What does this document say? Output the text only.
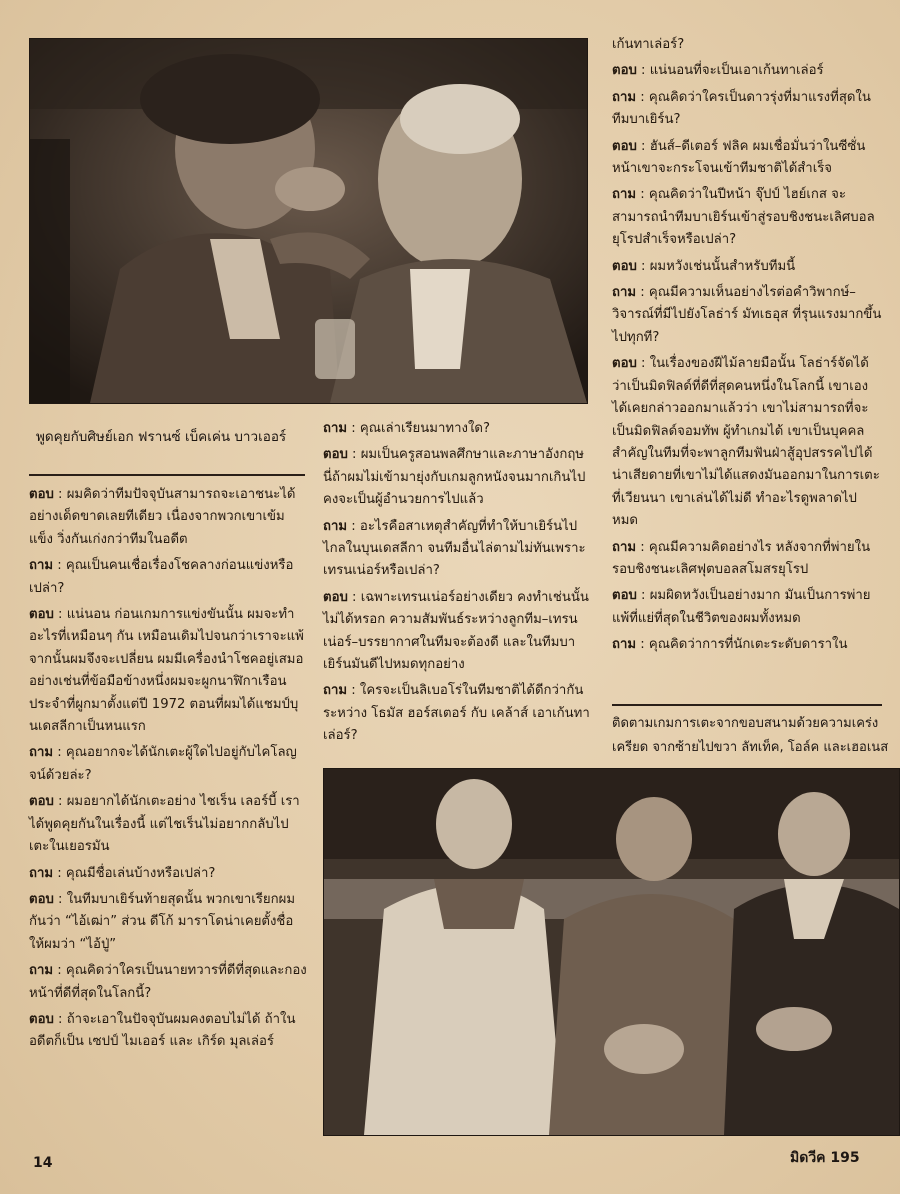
พูดคุยกับศิษย์เอก ฟรานซ์ เบ็คเค่น บาวเออร์

ตอบ : ผมคิดว่าทีมปัจจุบันสามารถจะเอาชนะได้อย่างเด็ดขาดเลยทีเดียว เนื่องจากพวกเขาเข้มแข็ง วิ่งกันเก่งกว่าทีมในอดีต

ถาม : คุณเป็นคนเชื่อเรื่องโชคลางก่อนแข่งหรือเปล่า?

ตอบ : แน่นอน ก่อนเกมการแข่งขันนั้น ผมจะทำอะไรที่เหมือนๆ กัน เหมือนเดิมไปจนกว่าเราจะแพ้ จากนั้นผมจึงจะเปลี่ยน ผมมีเครื่องนำโชคอยู่เสมอ อย่างเช่นที่ข้อมือข้างหนึ่งผมจะผูกนาฬิกาเรือนประจำที่ผูกมาตั้งแต่ปี 1972 ตอนที่ผมได้แชมป์บุนเดสลีกาเป็นหนแรก

ถาม : คุณอยากจะได้นักเตะผู้ใดไปอยู่กับไคโลญจน์ด้วยล่ะ?

ตอบ : ผมอยากได้นักเตะอย่าง ไชเร็น เลอร์บี้ เราได้พูดคุยกันในเรื่องนี้ แต่ไชเร็นไม่อยากกลับไปเตะในเยอรมัน

ถาม : คุณมีชื่อเล่นบ้างหรือเปล่า?

ตอบ : ในทีมบาเยิร์นท้ายสุดนั้น พวกเขาเรียกผมกันว่า “ไอ้เฒ่า” ส่วน ดีโก้ มาราโดน่าเคยตั้งชื่อให้ผมว่า “ไอ้ปู่”

ถาม : คุณคิดว่าใครเป็นนายทวารที่ดีที่สุดและกองหน้าที่ดีที่สุดในโลกนี้?

ตอบ : ถ้าจะเอาในปัจจุบันผมคงตอบไม่ได้ ถ้าในอดีตก็เป็น เซปป์ ไมเออร์ และ เกิร์ด มุลเล่อร์

ถาม : คุณเล่าเรียนมาทางใด?

ตอบ : ผมเป็นครูสอนพลศึกษาและภาษาอังกฤษ นี่ถ้าผมไม่เข้ามายุ่งกับเกมลูกหนังจนมากเกินไป คงจะเป็นผู้อำนวยการไปแล้ว

ถาม : อะไรคือสาเหตุสำคัญที่ทำให้บาเยิร์นไปไกลในบุนเดสลีกา จนทีมอื่นไล่ตามไม่ทันเพราะเทรนเน่อร์หรือเปล่า?

ตอบ : เฉพาะเทรนเน่อร์อย่างเดียว คงทำเช่นนั้นไม่ได้หรอก ความสัมพันธ์ระหว่างลูกทีม–เทรนเน่อร์–บรรยากาศในทีมจะต้องดี และในทีมบาเยิร์นมันดีไปหมดทุกอย่าง

ถาม : ใครจะเป็นลิเบอโร่ในทีมชาติได้ดีกว่ากันระหว่าง โธมัส ฮอร์สเตอร์ กับ เคล้าส์ เอาเก้นทาเล่อร์?

เก้นทาเล่อร์?

ตอบ : แน่นอนที่จะเป็นเอาเก้นทาเล่อร์

ถาม : คุณคิดว่าใครเป็นดาวรุ่งที่มาแรงที่สุดในทีมบาเยิร์น?

ตอบ : ฮันส์–ดีเตอร์ ฟลิค ผมเชื่อมั่นว่าในซีซั่นหน้าเขาจะกระโจนเข้าทีมชาติได้สำเร็จ

ถาม : คุณคิดว่าในปีหน้า จุ๊ปป์ ไฮย์เกส จะสามารถนำทีมบาเยิร์นเข้าสู่รอบชิงชนะเลิศบอลยุโรปสำเร็จหรือเปล่า?

ตอบ : ผมหวังเช่นนั้นสำหรับทีมนี้

ถาม : คุณมีความเห็นอย่างไรต่อคำวิพากษ์–วิจารณ์ที่มีไปยังโลธ่าร์ มัทเธอุส ที่รุนแรงมากขึ้นไปทุกที?

ตอบ : ในเรื่องของฝีไม้ลายมือนั้น โลธ่าร์จัดได้ว่าเป็นมิดฟิลด์ที่ดีที่สุดคนหนึ่งในโลกนี้ เขาเองได้เคยกล่าวออกมาแล้วว่า เขาไม่สามารถที่จะเป็นมิดฟิลด์จอมทัพ ผู้ทำเกมได้ เขาเป็นบุคคลสำคัญในทีมที่จะพาลูกทีมฟันฝ่าสู้อุปสรรคไปได้ น่าเสียดายที่เขาไม่ได้แสดงมันออกมาในการเตะที่เวียนนา เขาเล่นได้ไม่ดี ทำอะไรดูพลาดไปหมด

ถาม : คุณมีความคิดอย่างไร หลังจากที่พ่ายในรอบชิงชนะเลิศฟุตบอลสโมสรยุโรป

ตอบ : ผมผิดหวังเป็นอย่างมาก มันเป็นการพ่ายแพ้ที่แย่ที่สุดในชีวิตของผมทั้งหมด

ถาม : คุณคิดว่าการที่นักเตะระดับดาราใน

ติดตามเกมการเตะจากขอบสนามด้วยความเคร่ง
เครียด จากซ้ายไปขวา ลัทเท็ค, โอล์ค และเฮอเนส
14	มิดวีค 195
